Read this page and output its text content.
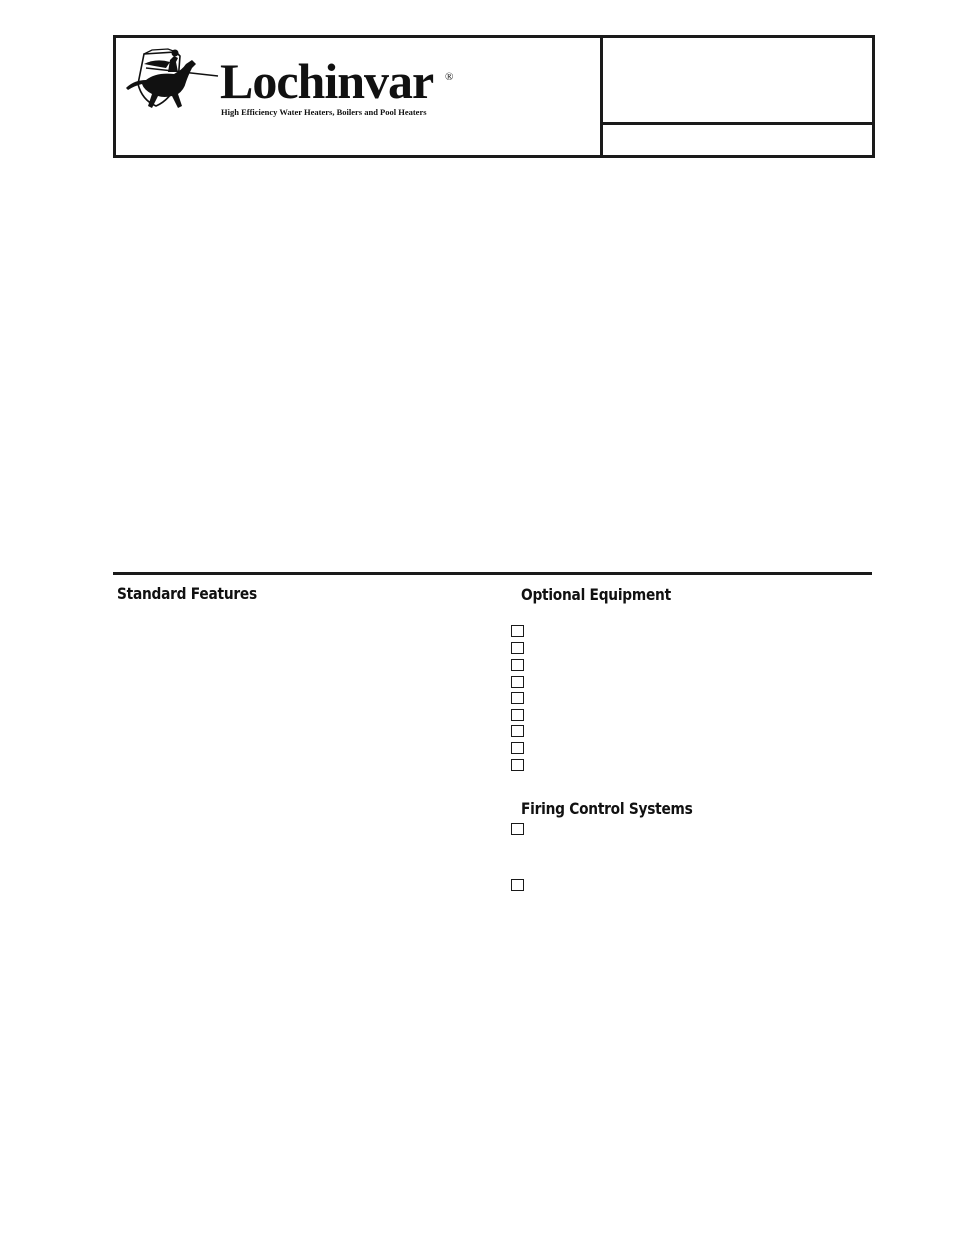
Lochinvar ®
High Efficiency Water Heaters, Boilers and Pool Heaters
Standard Features	Optional Equipment
Firing Control Systems
